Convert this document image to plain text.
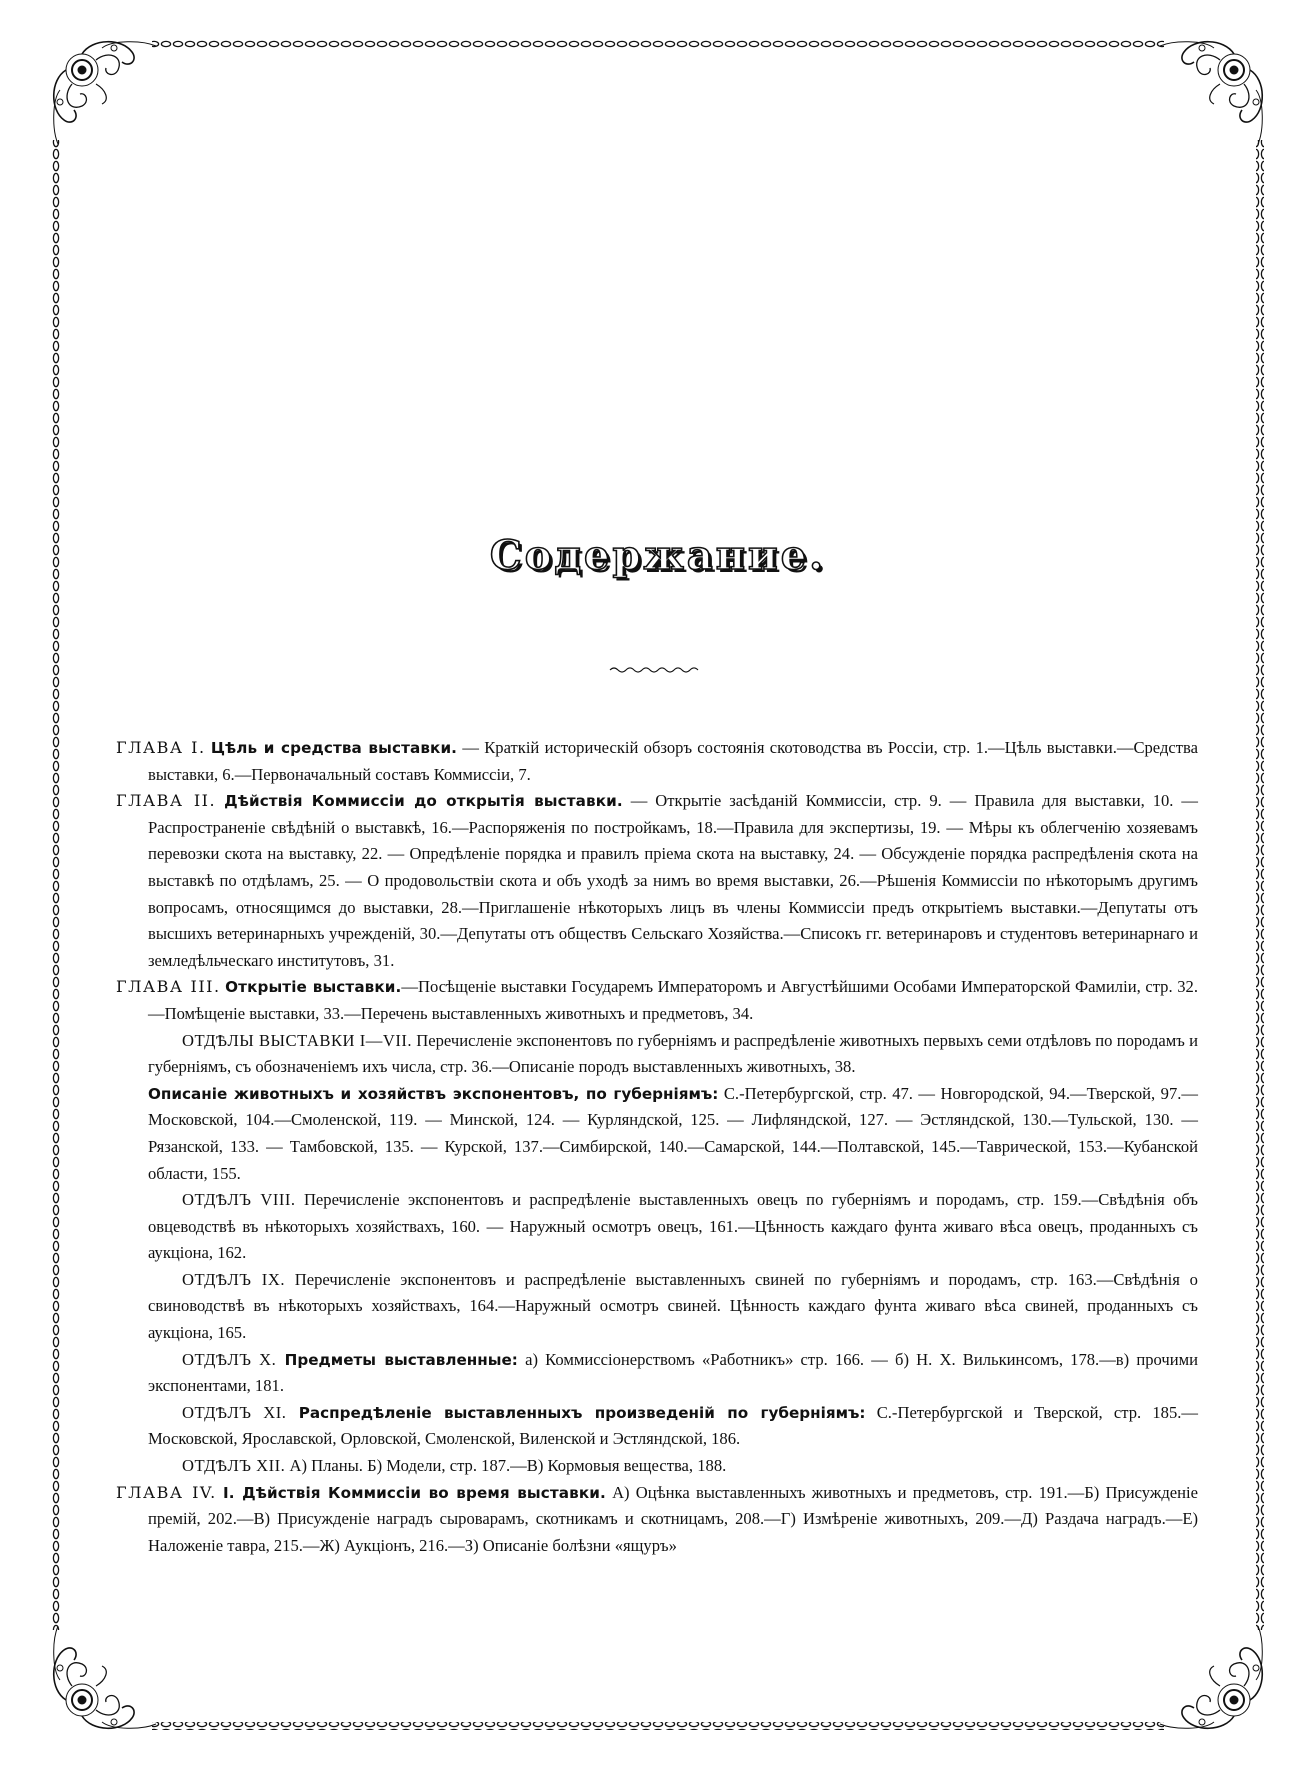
Содержание.
ГЛАВА I. Цѣль и средства выставки. — Краткій историческій обзоръ состоянія скотоводства въ Россіи, стр. 1.—Цѣль выставки.—Средства выставки, 6.—Первоначальный составъ Коммиссіи, 7.
ГЛАВА II. Дѣйствія Коммиссіи до открытія выставки. — Открытіе засѣданій Коммиссіи, стр. 9. — Правила для выставки, 10. — Распространеніе свѣдѣній о выставкѣ, 16.—Распоряженія по постройкамъ, 18.—Правила для экспертизы, 19. — Мѣры къ облегченію хозяевамъ перевозки скота на выставку, 22. — Опредѣленіе порядка и правилъ пріема скота на выставку, 24. — Обсужденіе порядка распредѣленія скота на выставкѣ по отдѣламъ, 25. — О продовольствіи скота и объ уходѣ за нимъ во время выставки, 26.—Рѣшенія Коммиссіи по нѣкоторымъ другимъ вопросамъ, относящимся до выставки, 28.—Приглашеніе нѣкоторыхъ лицъ въ члены Коммиссіи предъ открытіемъ выставки.—Депутаты отъ высшихъ ветеринарныхъ учрежденій, 30.—Депутаты отъ обществъ Сельскаго Хозяйства.—Списокъ гг. ветеринаровъ и студентовъ ветеринарнаго и земледѣльческаго институтовъ, 31.
ГЛАВА III. Открытіе выставки.—Посѣщеніе выставки Государемъ Императоромъ и Августѣйшими Особами Императорской Фамиліи, стр. 32.—Помѣщеніе выставки, 33.—Перечень выставленныхъ животныхъ и предметовъ, 34.
ОТДѢЛЫ ВЫСТАВКИ I—VII. Перечисленіе экспонентовъ по губерніямъ и распредѣленіе животныхъ первыхъ семи отдѣловъ по породамъ и губерніямъ, съ обозначеніемъ ихъ числа, стр. 36.—Описаніе породъ выставленныхъ животныхъ, 38.
Описаніе животныхъ и хозяйствъ экспонентовъ, по губерніямъ: С.-Петербургской, стр. 47. — Новгородской, 94.—Тверской, 97.—Московской, 104.—Смоленской, 119. — Минской, 124. — Курляндской, 125. — Лифляндской, 127. — Эстляндской, 130.—Тульской, 130. — Рязанской, 133. — Тамбовской, 135. — Курской, 137.—Симбирской, 140.—Самарской, 144.—Полтавской, 145.—Таврической, 153.—Кубанской области, 155.
ОТДѢЛЪ VIII. Перечисленіе экспонентовъ и распредѣленіе выставленныхъ овецъ по губерніямъ и породамъ, стр. 159.—Свѣдѣнія объ овцеводствѣ въ нѣкоторыхъ хозяйствахъ, 160. — Наружный осмотръ овецъ, 161.—Цѣнность каждаго фунта живаго вѣса овецъ, проданныхъ съ аукціона, 162.
ОТДѢЛЪ IX. Перечисленіе экспонентовъ и распредѣленіе выставленныхъ свиней по губерніямъ и породамъ, стр. 163.—Свѣдѣнія о свиноводствѣ въ нѣкоторыхъ хозяйствахъ, 164.—Наружный осмотръ свиней. Цѣнность каждаго фунта живаго вѣса свиней, проданныхъ съ аукціона, 165.
ОТДѢЛЪ X. Предметы выставленные: а) Коммиссіонерствомъ «Работникъ» стр. 166. — б) Н. Х. Вилькинсомъ, 178.—в) прочими экспонентами, 181.
ОТДѢЛЪ XI. Распредѣленіе выставленныхъ произведеній по губерніямъ: С.-Петербургской и Тверской, стр. 185.—Московской, Ярославской, Орловской, Смоленской, Виленской и Эстляндской, 186.
ОТДѢЛЪ XII. А) Планы. Б) Модели, стр. 187.—В) Кормовыя вещества, 188.
ГЛАВА IV. I. Дѣйствія Коммиссіи во время выставки. А) Оцѣнка выставленныхъ животныхъ и предметовъ, стр. 191.—Б) Присужденіе премій, 202.—В) Присужденіе наградъ сыроварамъ, скотникамъ и скотницамъ, 208.—Г) Измѣреніе животныхъ, 209.—Д) Раздача наградъ.—Е) Наложеніе тавра, 215.—Ж) Аукціонъ, 216.—З) Описаніе болѣзни «ящуръ»
